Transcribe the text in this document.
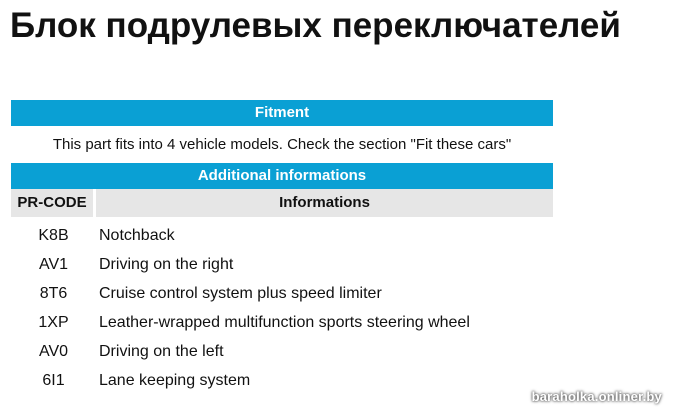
Блок подрулевых переключателей
Fitment
This part fits into 4 vehicle models. Check the section "Fit these cars"
Additional informations
PR-CODE	Informations
K8B	Notchback
AV1	Driving on the right
8T6	Cruise control system plus speed limiter
1XP	Leather-wrapped multifunction sports steering wheel
AV0	Driving on the left
6I1	Lane keeping system
baraholka.onliner.by
